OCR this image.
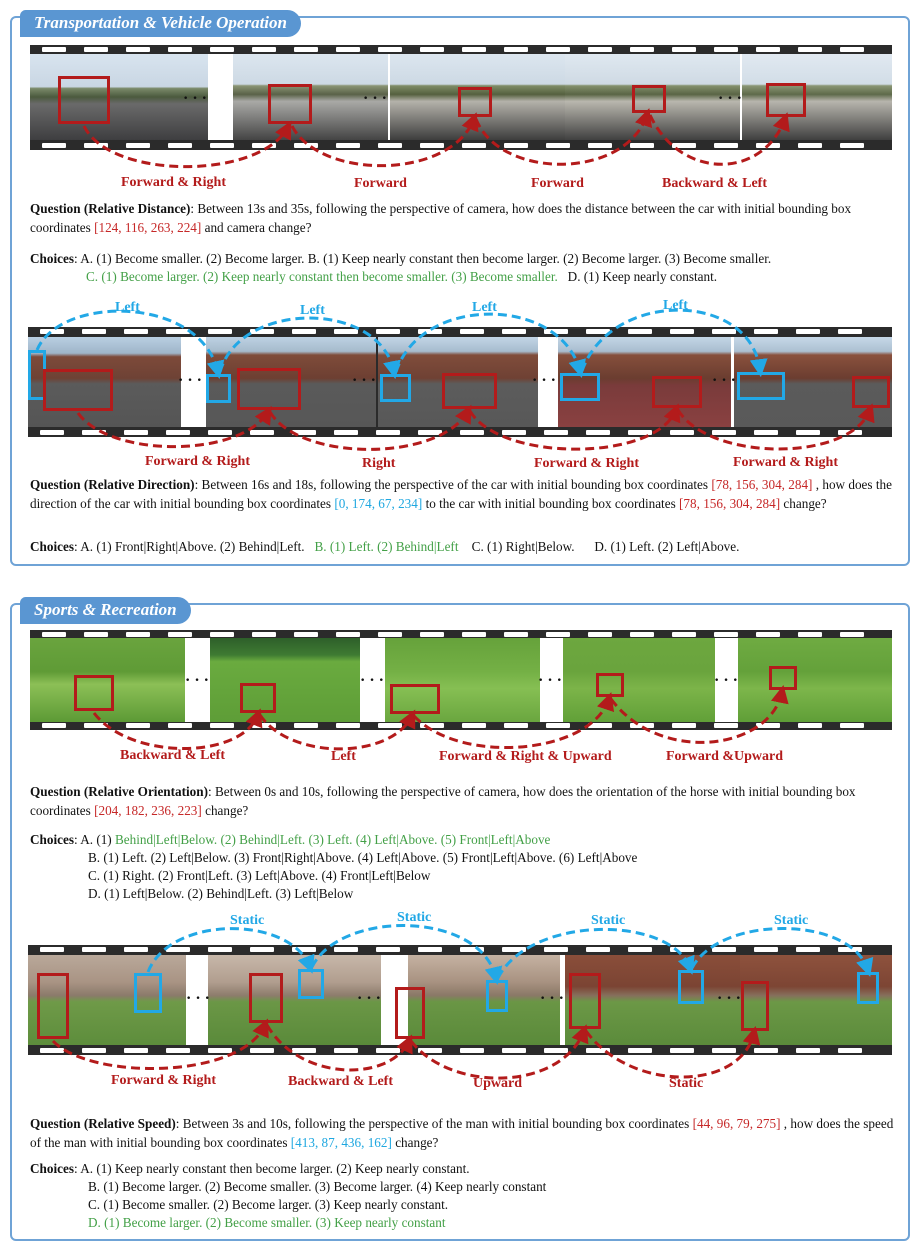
Transportation & Vehicle Operation
· · ·	· · ·	· · ·
Forward & Right	Forward	Forward	Backward & Left
Question (Relative Distance): Between 13s and 35s, following the perspective of camera, how does the distance between the car with initial bounding box coordinates [124, 116, 263, 224] and camera change?
Choices: A. (1) Become smaller. (2) Become larger. B. (1) Keep nearly constant then become larger. (2) Become larger. (3) Become smaller.
C. (1) Become larger. (2) Keep nearly constant then become smaller. (3) Become smaller. D. (1) Keep nearly constant.
· · ·	· · ·	· · ·	· · ·
Left	Left	Left	Left
Forward & Right	Right	Forward & Right	Forward & Right
Question (Relative Direction): Between 16s and 18s, following the perspective of the car with initial bounding box coordinates [78, 156, 304, 284] , how does the direction of the car with initial bounding box coordinates [0, 174, 67, 234] to the car with initial bounding box coordinates [78, 156, 304, 284] change?
Choices: A. (1) Front|Right|Above. (2) Behind|Left. B. (1) Left. (2) Behind|Left C. (1) Right|Below. D. (1) Left. (2) Left|Above.
Sports & Recreation
· · ·	· · ·	· · ·	· · ·
Backward & Left	Left	Forward & Right & Upward	Forward &Upward
Question (Relative Orientation): Between 0s and 10s, following the perspective of camera, how does the orientation of the horse with initial bounding box coordinates [204, 182, 236, 223] change?
Choices: A. (1) Behind|Left|Below. (2) Behind|Left. (3) Left. (4) Left|Above. (5) Front|Left|Above
B. (1) Left. (2) Left|Below. (3) Front|Right|Above. (4) Left|Above. (5) Front|Left|Above. (6) Left|Above
C. (1) Right. (2) Front|Left. (3) Left|Above. (4) Front|Left|Below
D. (1) Left|Below. (2) Behind|Left. (3) Left|Below
· · ·	· · ·	· · ·	· · ·
Static	Static	Static	Static
Forward & Right	Backward & Left	Upward	Static
Question (Relative Speed): Between 3s and 10s, following the perspective of the man with initial bounding box coordinates [44, 96, 79, 275] , how does the speed of the man with initial bounding box coordinates [413, 87, 436, 162] change?
Choices: A. (1) Keep nearly constant then become larger. (2) Keep nearly constant.
B. (1) Become larger. (2) Become smaller. (3) Become larger. (4) Keep nearly constant
C. (1) Become smaller. (2) Become larger. (3) Keep nearly constant.
D. (1) Become larger. (2) Become smaller. (3) Keep nearly constant
